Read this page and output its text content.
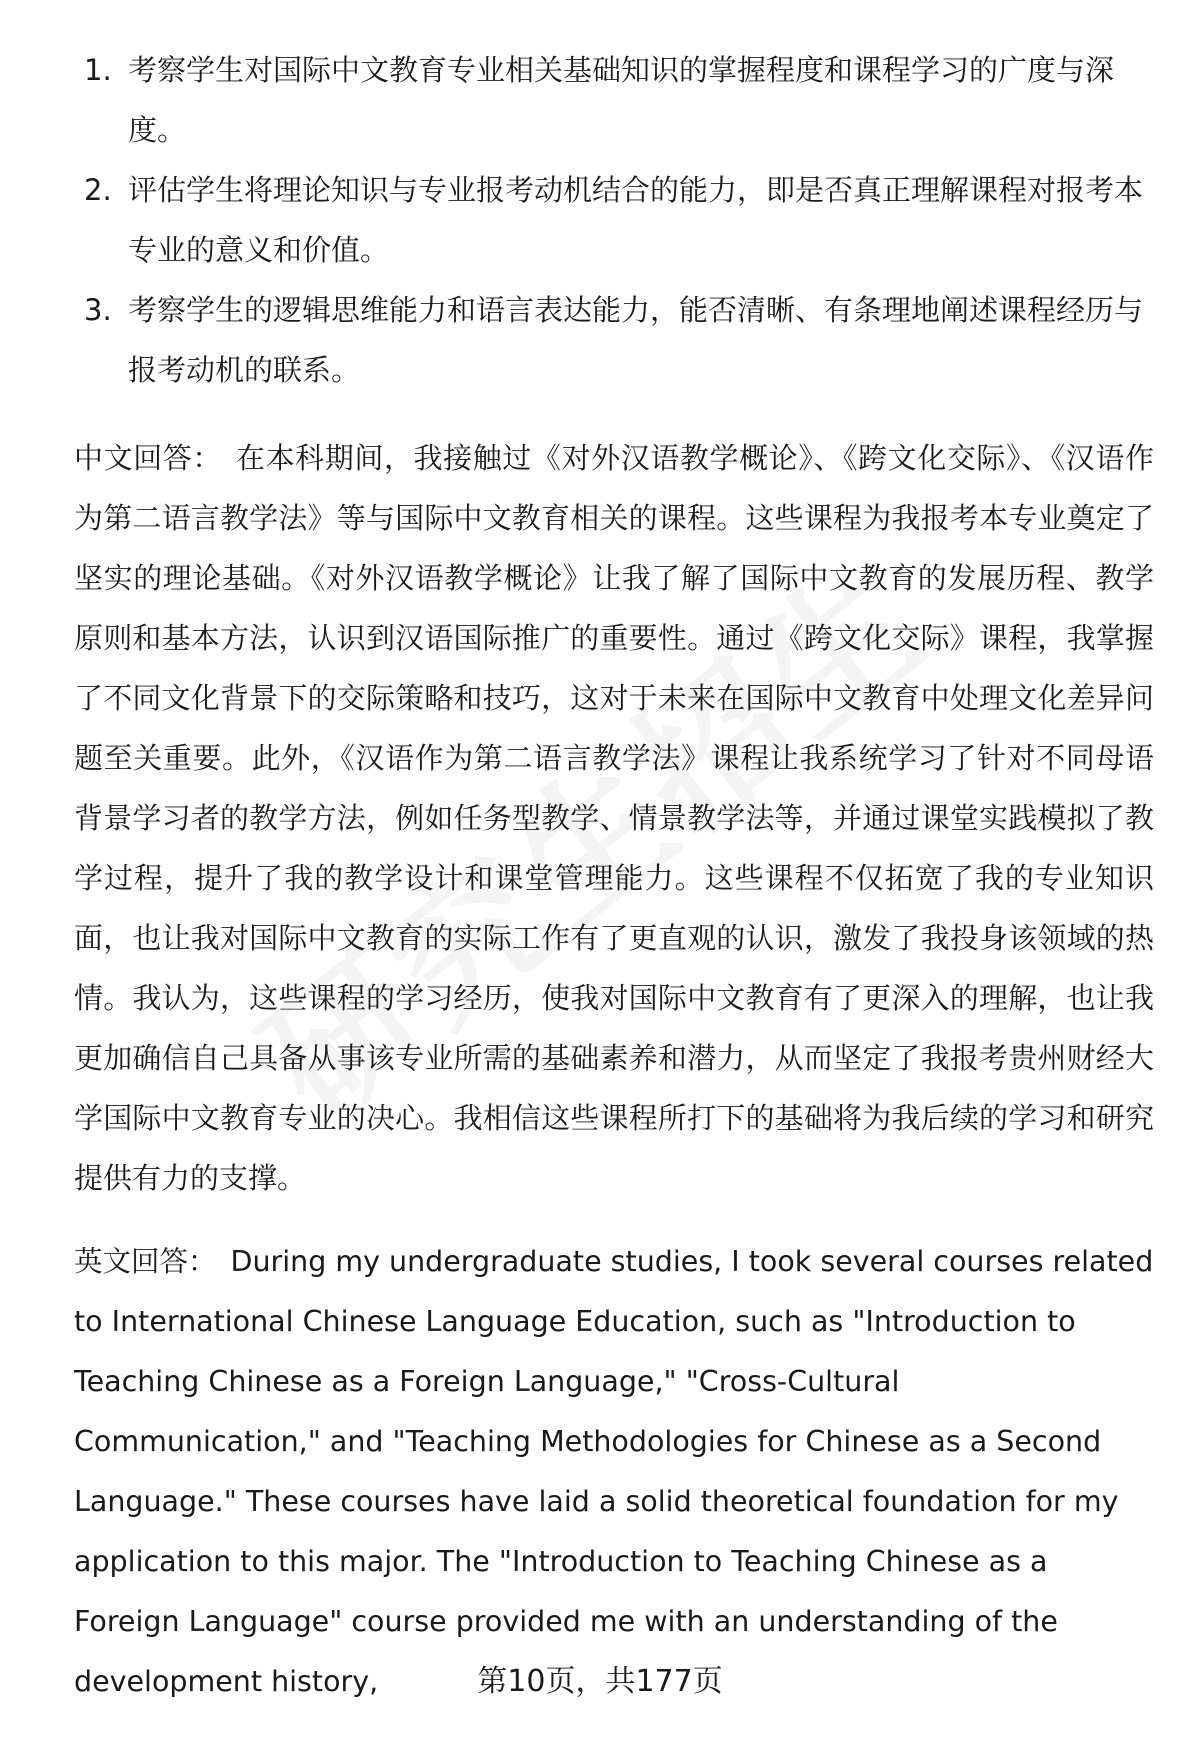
1. 考察学生对国际中文教育专业相关基础知识的掌握程度和课程学习的广度与深度。
2. 评估学生将理论知识与专业报考动机结合的能力，即是否真正理解课程对报考本专业的意义和价值。
3. 考察学生的逻辑思维能力和语言表达能力，能否清晰、有条理地阐述课程经历与报考动机的联系。

中文回答： 在本科期间，我接触过《对外汉语教学概论》、《跨文化交际》、《汉语作为第二语言教学法》等与国际中文教育相关的课程。这些课程为我报考本专业奠定了坚实的理论基础。《对外汉语教学概论》让我了解了国际中文教育的发展历程、教学原则和基本方法，认识到汉语国际推广的重要性。通过《跨文化交际》课程，我掌握了不同文化背景下的交际策略和技巧，这对于未来在国际中文教育中处理文化差异问题至关重要。此外，《汉语作为第二语言教学法》课程让我系统学习了针对不同母语背景学习者的教学方法，例如任务型教学、情景教学法等，并通过课堂实践模拟了教学过程，提升了我的教学设计和课堂管理能力。这些课程不仅拓宽了我的专业知识面，也让我对国际中文教育的实际工作有了更直观的认识，激发了我投身该领域的热情。我认为，这些课程的学习经历，使我对国际中文教育有了更深入的理解，也让我更加确信自己具备从事该专业所需的基础素养和潜力，从而坚定了我报考贵州财经大学国际中文教育专业的决心。我相信这些课程所打下的基础将为我后续的学习和研究提供有力的支撑。

英文回答： During my undergraduate studies, I took several courses related to International Chinese Language Education, such as "Introduction to Teaching Chinese as a Foreign Language," "Cross-Cultural Communication," and "Teaching Methodologies for Chinese as a Second Language." These courses have laid a solid theoretical foundation for my application to this major. The "Introduction to Teaching Chinese as a Foreign Language" course provided me with an understanding of the development history,	第10页，共177页
